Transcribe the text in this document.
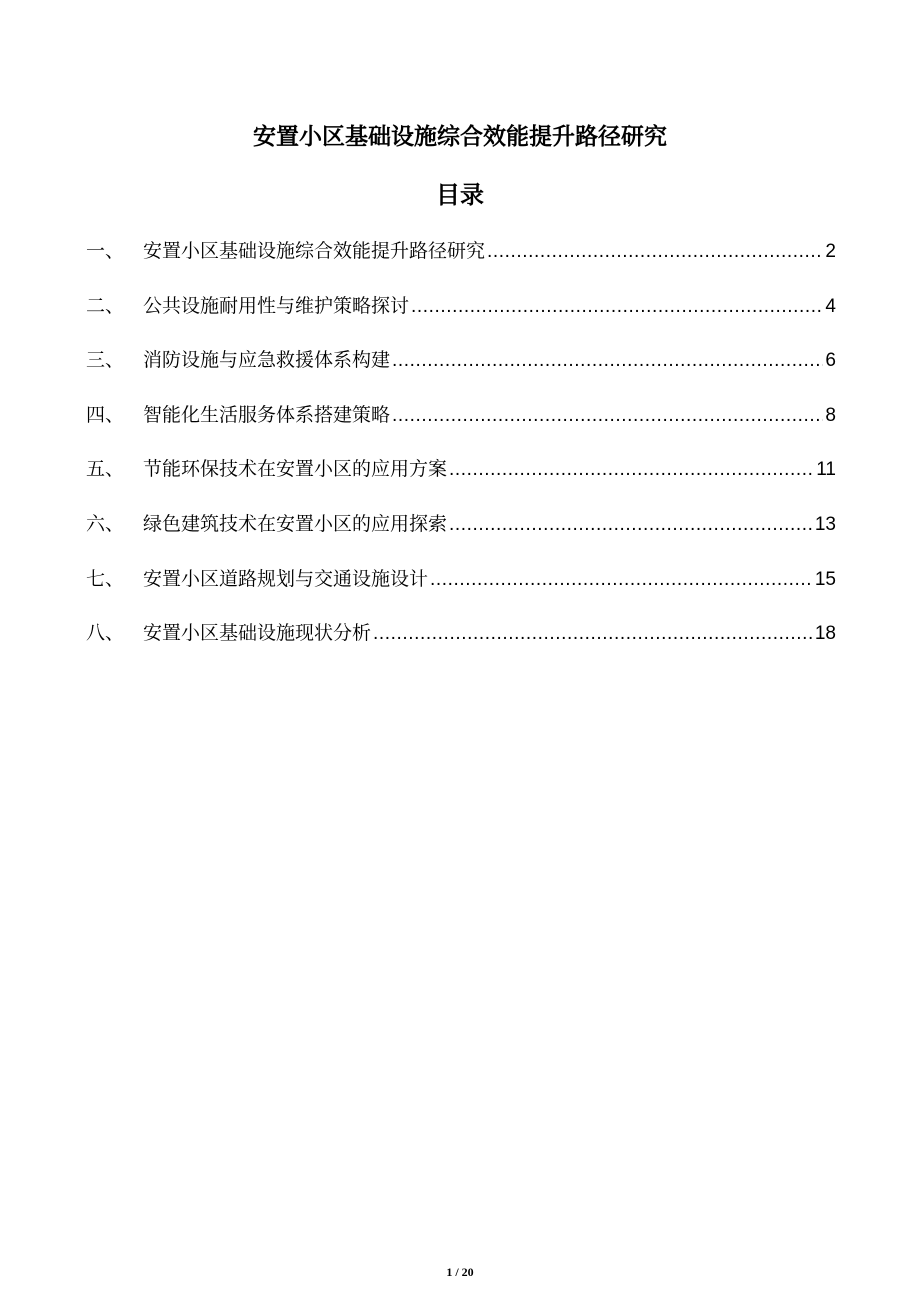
安置小区基础设施综合效能提升路径研究
目录
一、 安置小区基础设施综合效能提升路径研究 .....	2
二、 公共设施耐用性与维护策略探讨 .....	4
三、 消防设施与应急救援体系构建 .....	6
四、 智能化生活服务体系搭建策略 .....	8
五、 节能环保技术在安置小区的应用方案 .....	11
六、 绿色建筑技术在安置小区的应用探索 .....	13
七、 安置小区道路规划与交通设施设计 .....	15
八、 安置小区基础设施现状分析 .....	18
1 / 20
